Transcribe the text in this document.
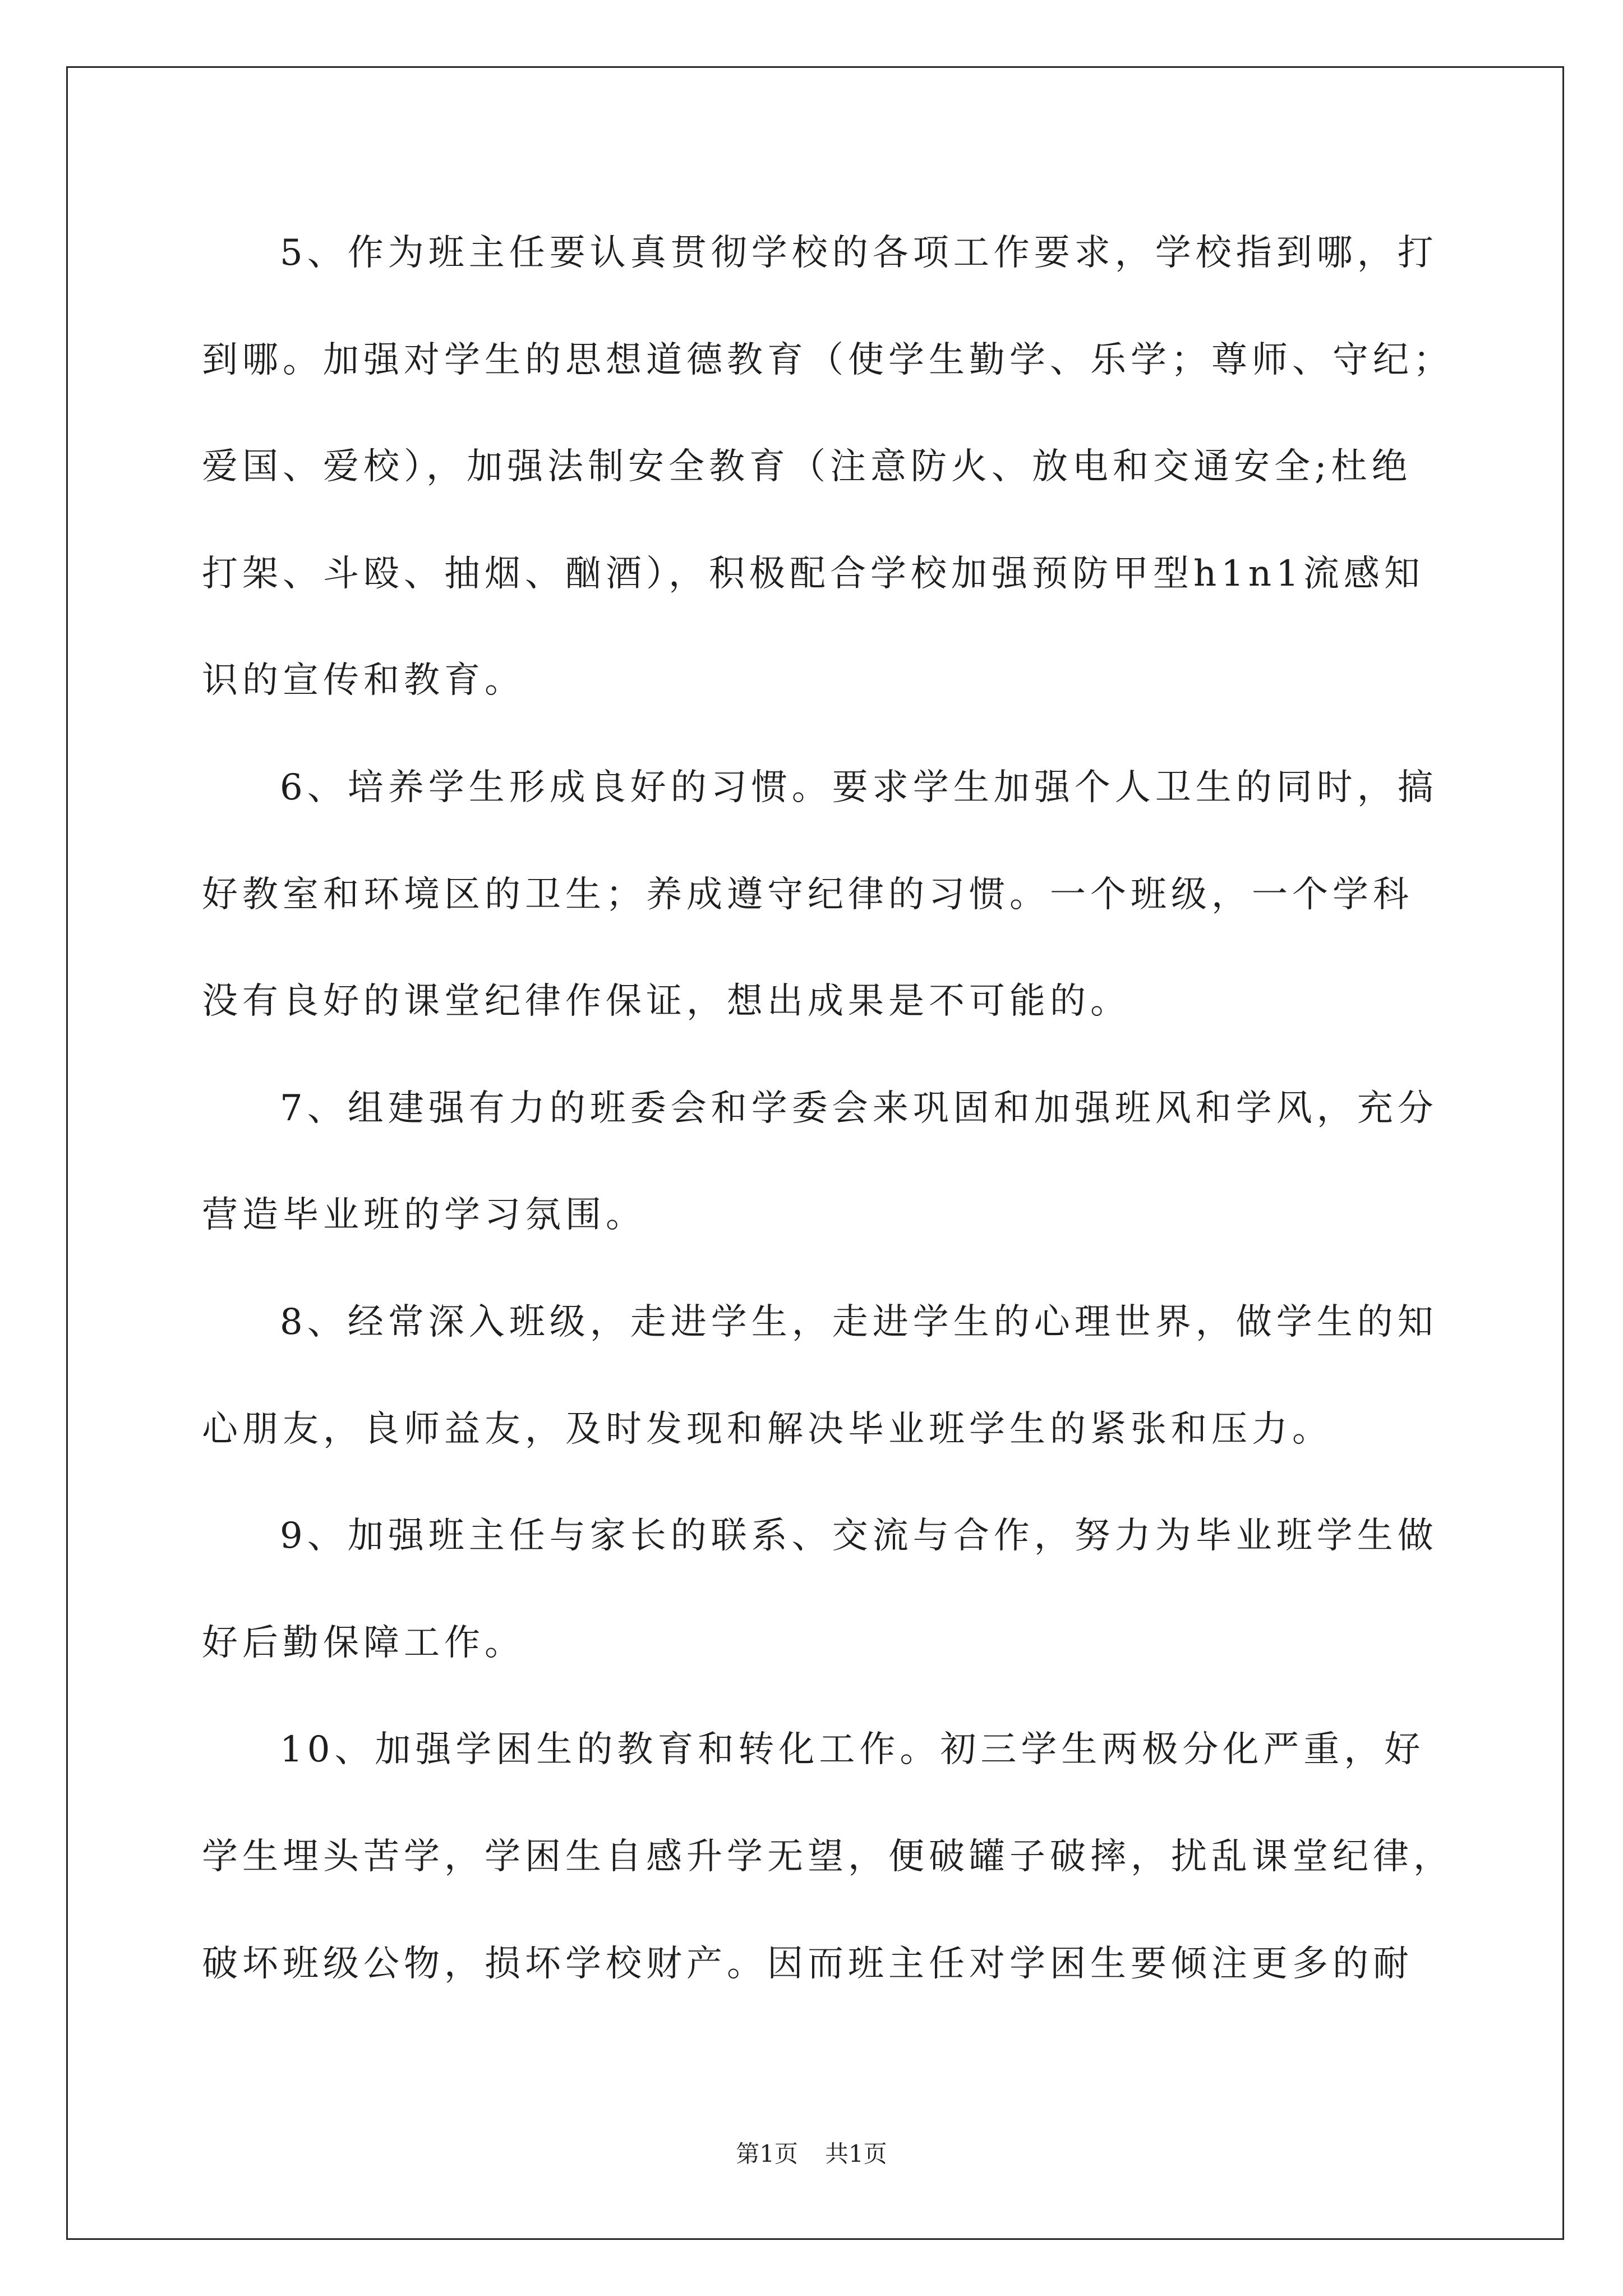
5、作为班主任要认真贯彻学校的各项工作要求，学校指到哪，打
到哪。加强对学生的思想道德教育（使学生勤学、乐学；尊师、守纪；
爱国、爱校），加强法制安全教育（注意防火、放电和交通安全;杜绝
打架、斗殴、抽烟、酗酒），积极配合学校加强预防甲型h1n1流感知
识的宣传和教育。
6、培养学生形成良好的习惯。要求学生加强个人卫生的同时，搞
好教室和环境区的卫生；养成遵守纪律的习惯。一个班级，一个学科
没有良好的课堂纪律作保证，想出成果是不可能的。
7、组建强有力的班委会和学委会来巩固和加强班风和学风，充分
营造毕业班的学习氛围。
8、经常深入班级，走进学生，走进学生的心理世界，做学生的知
心朋友，良师益友，及时发现和解决毕业班学生的紧张和压力。
9、加强班主任与家长的联系、交流与合作，努力为毕业班学生做
好后勤保障工作。
10、加强学困生的教育和转化工作。初三学生两极分化严重，好
学生埋头苦学，学困生自感升学无望，便破罐子破摔，扰乱课堂纪律，
破坏班级公物，损坏学校财产。因而班主任对学困生要倾注更多的耐
第1页 共1页
